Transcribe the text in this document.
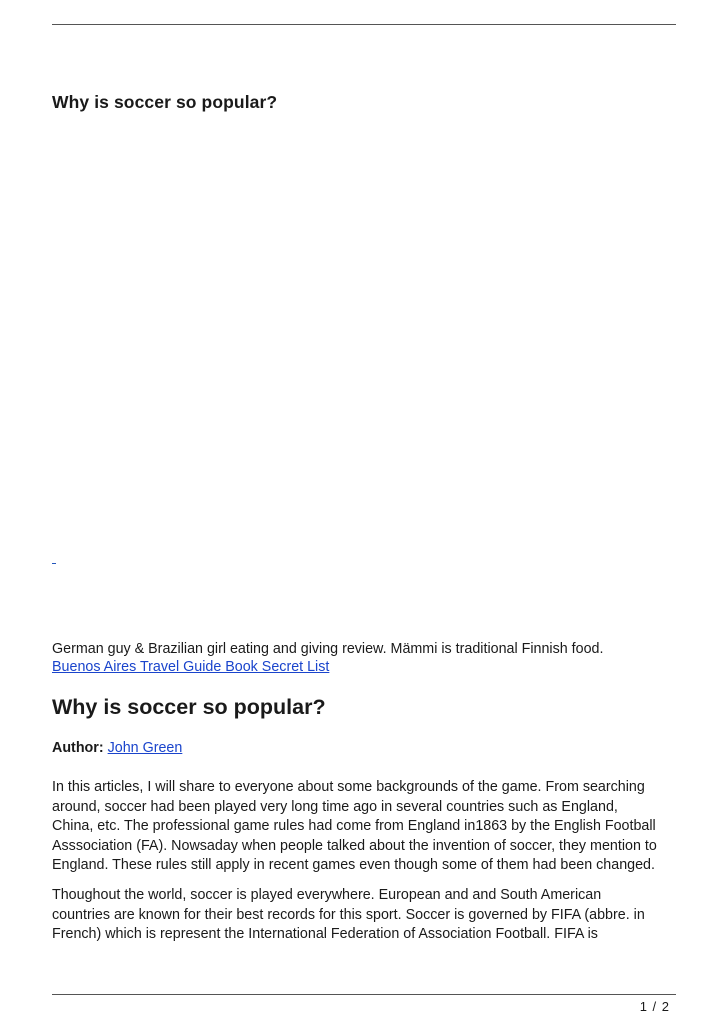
Why is soccer so popular?
German guy & Brazilian girl eating and giving review. Mämmi is traditional Finnish food.
Buenos Aires Travel Guide Book Secret List
Why is soccer so popular?
Author: John Green
In this articles, I will share to everyone about some backgrounds of the game. From searching
around, soccer had been played very long time ago in several countries such as England,
China, etc. The professional game rules had come from England in1863 by the English Football
Asssociation (FA). Nowsaday when people talked about the invention of soccer, they mention to
England. These rules still apply in recent games even though some of them had been changed.
Thoughout the world, soccer is played everywhere. European and and South American
countries are known for their best records for this sport. Soccer is governed by FIFA (abbre. in
French) which is represent the International Federation of Association Football. FIFA is
1 / 2
